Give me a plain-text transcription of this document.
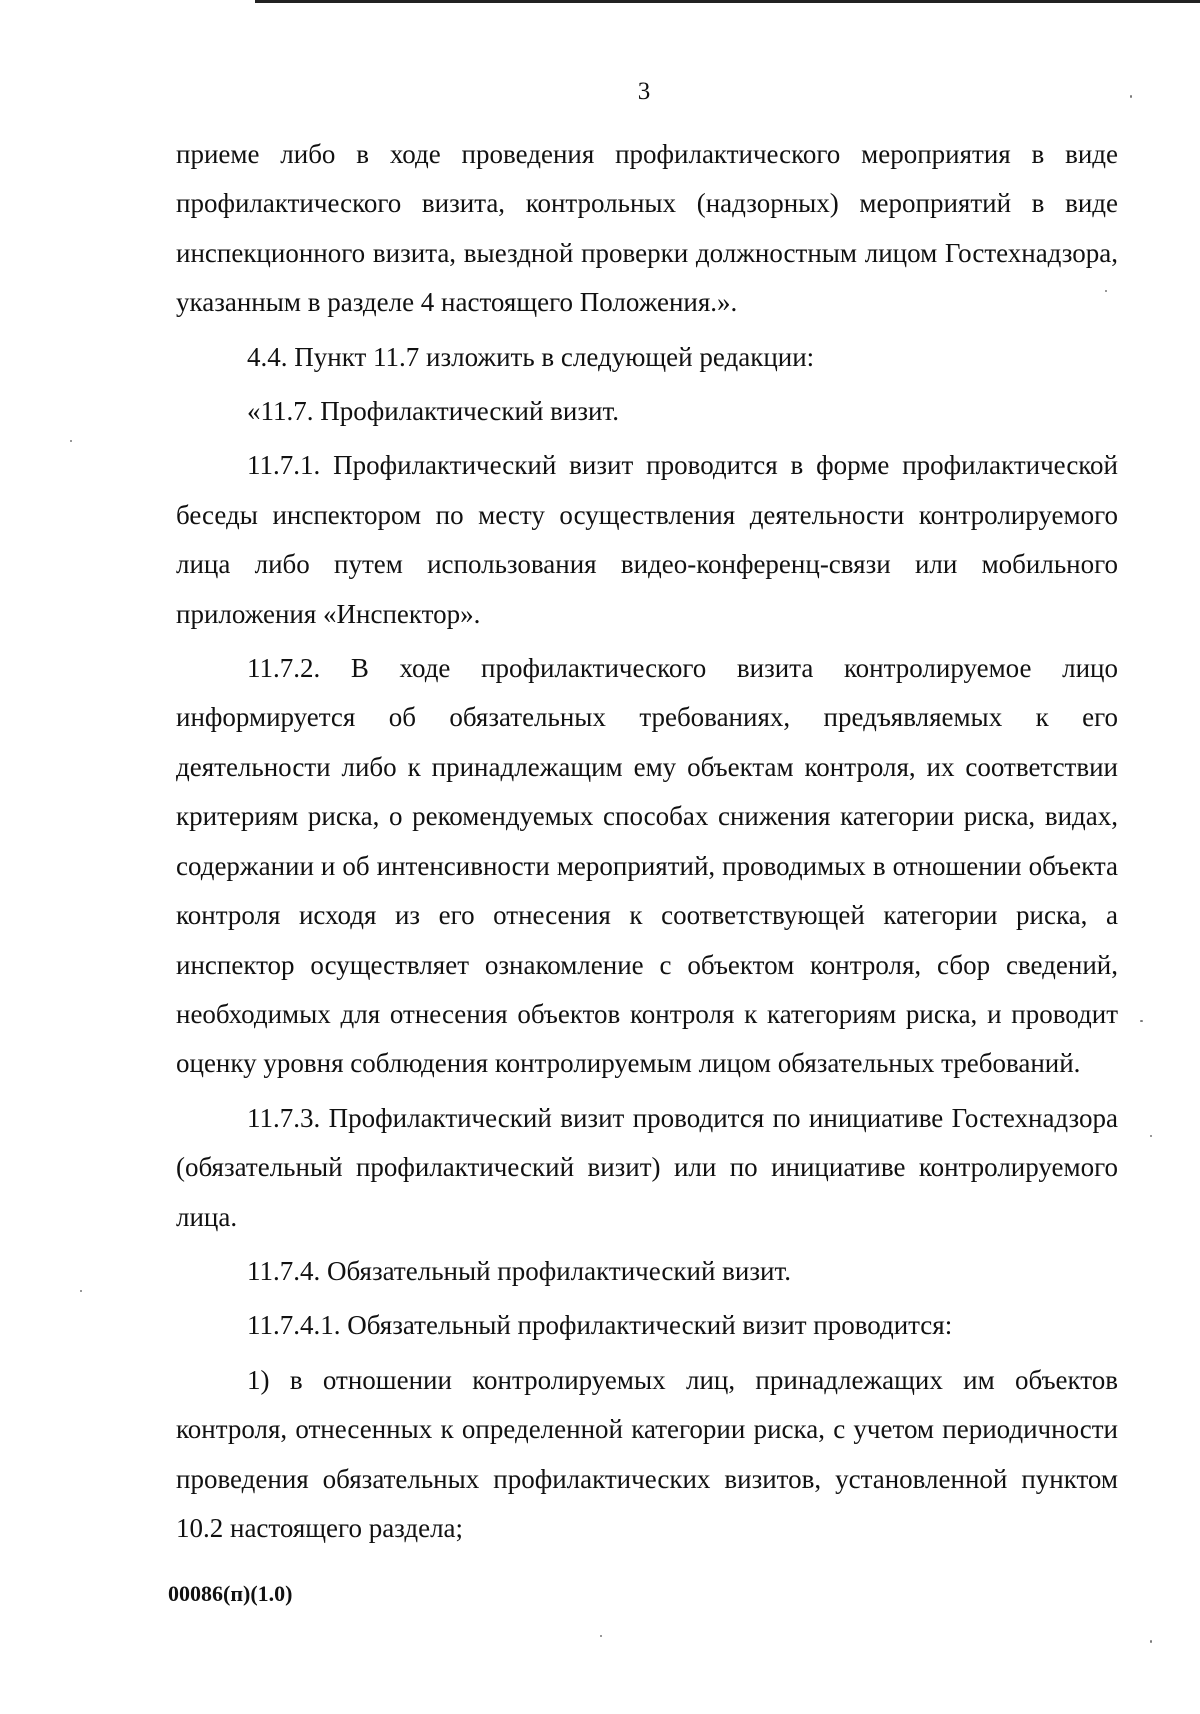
3

приеме либо в ходе проведения профилактического мероприятия в виде профилактического визита, контрольных (надзорных) мероприятий в виде инспекционного визита, выездной проверки должностным лицом Гостехнадзора, указанным в разделе 4 настоящего Положения.».

4.4. Пункт 11.7 изложить в следующей редакции:

«11.7. Профилактический визит.

11.7.1. Профилактический визит проводится в форме профилактической беседы инспектором по месту осуществления деятельности контролируемого лица либо путем использования видео-конференц-связи или мобильного приложения «Инспектор».

11.7.2. В ходе профилактического визита контролируемое лицо информируется об обязательных требованиях, предъявляемых к его деятельности либо к принадлежащим ему объектам контроля, их соответствии критериям риска, о рекомендуемых способах снижения категории риска, видах, содержании и об интенсивности мероприятий, проводимых в отношении объекта контроля исходя из его отнесения к соответствующей категории риска, а инспектор осуществляет ознакомление с объектом контроля, сбор сведений, необходимых для отнесения объектов контроля к категориям риска, и проводит оценку уровня соблюдения контролируемым лицом обязательных требований.

11.7.3. Профилактический визит проводится по инициативе Гостехнадзора (обязательный профилактический визит) или по инициативе контролируемого лица.

11.7.4. Обязательный профилактический визит.

11.7.4.1. Обязательный профилактический визит проводится:

1) в отношении контролируемых лиц, принадлежащих им объектов контроля, отнесенных к определенной категории риска, с учетом периодичности проведения обязательных профилактических визитов, установленной пунктом 10.2 настоящего раздела;

00086(п)(1.0)
